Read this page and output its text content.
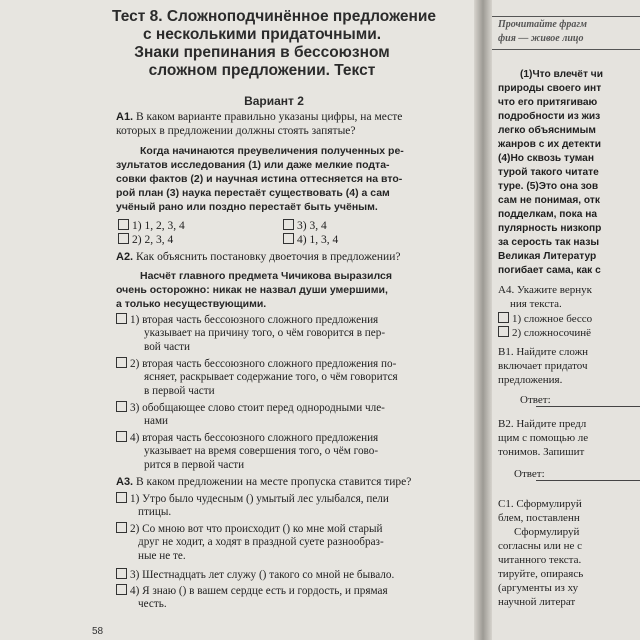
Тест 8. Сложноподчинённое предложение
с несколькими придаточными.
Знаки препинания в бессоюзном
сложном предложении. Текст
Вариант 2
А1. В каком варианте правильно указаны цифры, на месте
которых в предложении должны стоять запятые?
Когда начинаются преувеличения полученных ре-
зультатов исследования (1) или даже мелкие подта-
совки фактов (2) и научная истина оттесняется на вто-
рой план (3) наука перестаёт существовать (4) а сам
учёный рано или поздно перестаёт быть учёным.
1) 1, 2, 3, 4	3) 3, 4
2) 2, 3, 4	4) 1, 3, 4
А2. Как объяснить постановку двоеточия в предложении?
Насчёт главного предмета Чичикова выразился
очень осторожно: никак не назвал души умершими,
а только несуществующими.
1) вторая часть бессоюзного сложного предложения
указывает на причину того, о чём говорится в пер-
вой части
2) вторая часть бессоюзного сложного предложения по-
ясняет, раскрывает содержание того, о чём говорится
в первой части
3) обобщающее слово стоит перед однородными чле-
нами
4) вторая часть бессоюзного сложного предложения
указывает на время совершения того, о чём гово-
рится в первой части
А3. В каком предложении на месте пропуска ставится тире?
1) Утро было чудесным () умытый лес улыбался, пели
птицы.
2) Со мною вот что происходит () ко мне мой старый
друг не ходит, а ходят в праздной суете разнообраз-
ные не те.
3) Шестнадцать лет служу () такого со мной не бывало.
4) Я знаю () в вашем сердце есть и гордость, и прямая
честь.
58
Прочитайте фрагм
фия — живое лицо
(1)Что влечёт чи
природы своего инт
что его притягиваю
подробности из жиз
легко объяснимым
жанров с их детекти
(4)Но сквозь туман
турой такого читате
туре. (5)Это она зов
сам не понимая, отк
подделкам, пока на
пулярность низкопр
за серость так назы
Великая Литератур
погибает сама, как с
А4. Укажите вернук
ния текста.
1) сложное бессо
2) сложносочинё
В1. Найдите сложн
включает придаточ
предложения.
Ответ:
В2. Найдите предл
щим с помощью ле
тонимов. Запишит
Ответ:
С1. Сформулируй
блем, поставленн
Сформулируй
согласны или не с
читанного текста.
тируйте, опираясь
(аргументы из ху
научной литерат
